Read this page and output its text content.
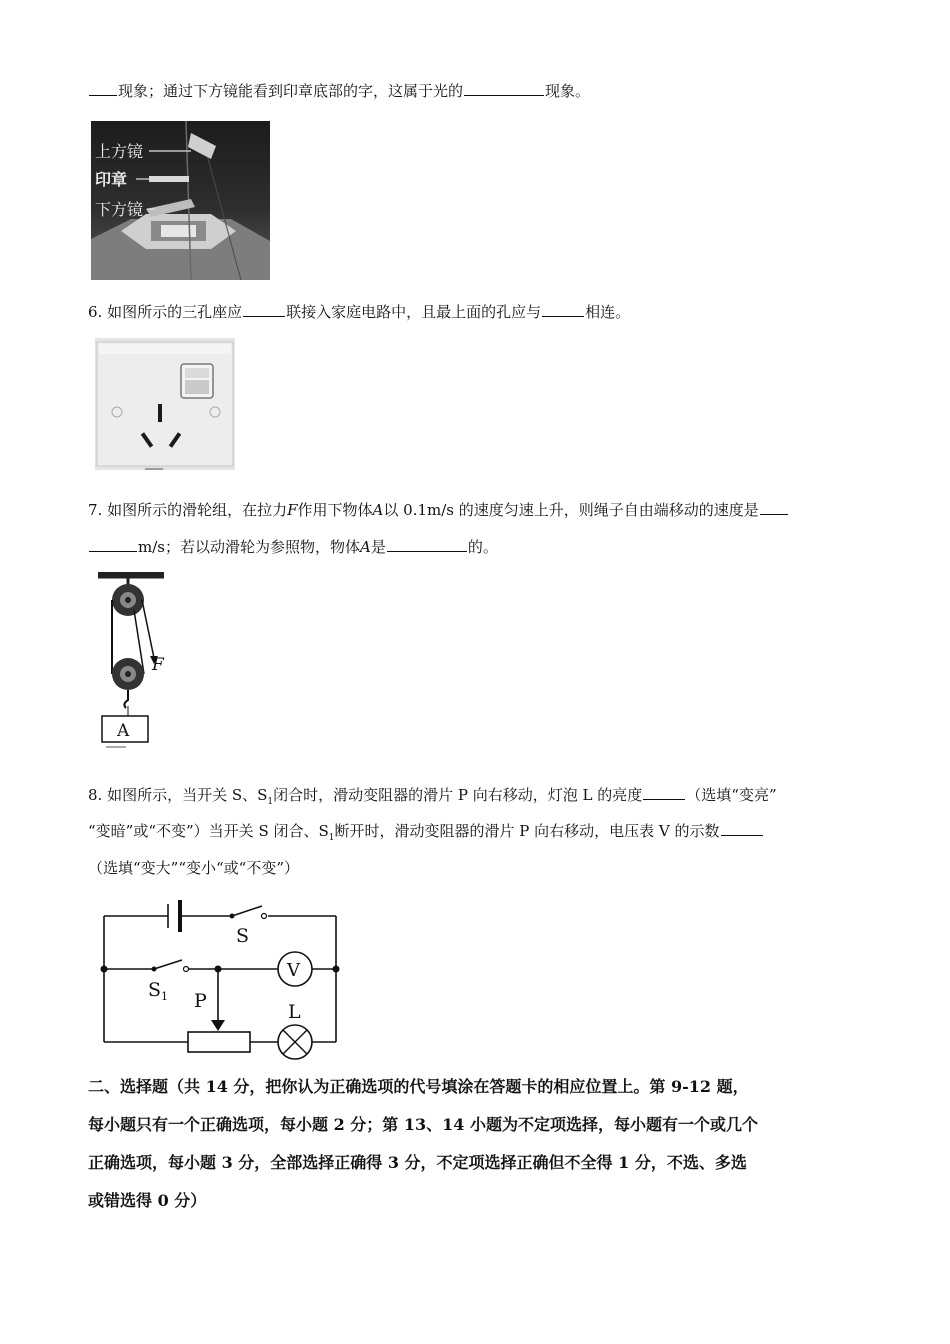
现象；通过下方镜能看到印章底部的字，这属于光的	现象。
上方镜
印章
下方镜
6. 如图所示的三孔座应	联接入家庭电路中，且最上面的孔应与	相连。
7. 如图所示的滑轮组，在拉力F作用下物体A以 0.1m/s 的速度匀速上升，则绳子自由端移动的速度是
m/s；若以动滑轮为参照物，物体A是	的。
F
A
8. 如图所示，当开关 S、$S_1$闭合时，滑动变阻器的滑片 P 向右移动，灯泡 L 的亮度	（选填“变亮”
“变暗”或“不变”）当开关 S 闭合、$S_1$断开时，滑动变阻器的滑片 P 向右移动，电压表 V 的示数
（选填“变大”“变小“或“不变”）
V
S
$S_1$ P	L
二、选择题（共 14 分，把你认为正确选项的代号填涂在答题卡的相应位置上。第 9-12 题，
每小题只有一个正确选项，每小题 2 分；第 13、14 小题为不定项选择，每小题有一个或几个
正确选项，每小题 3 分，全部选择正确得 3 分，不定项选择正确但不全得 1 分，不选、多选
或错选得 0 分）
